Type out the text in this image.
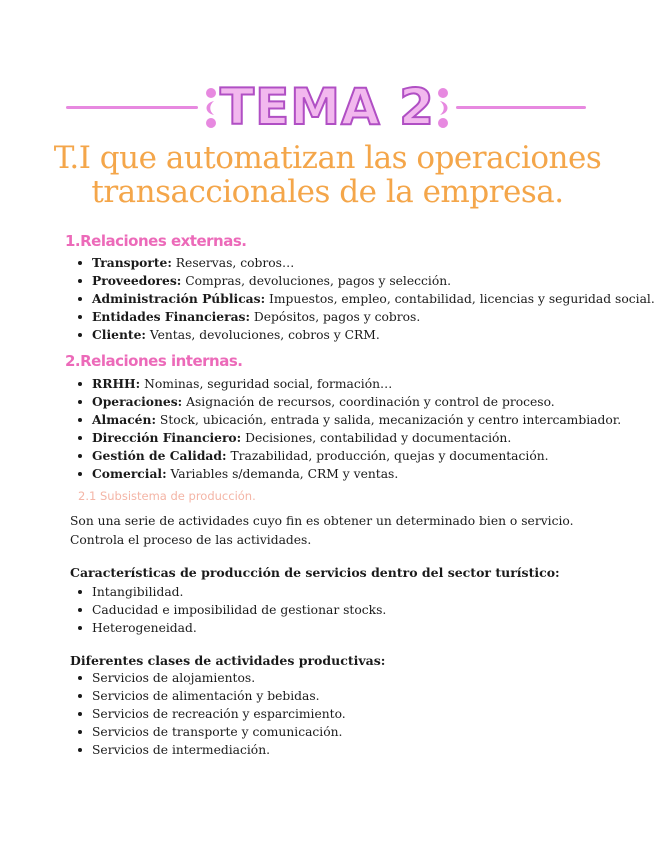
TEMA 2
T.I que automatizan las operaciones
transaccionales de la empresa.
1.Relaciones externas.
Transporte: Reservas, cobros…
Proveedores: Compras, devoluciones, pagos y selección.
Administración Públicas: Impuestos, empleo, contabilidad, licencias y seguridad social.
Entidades Financieras: Depósitos, pagos y cobros.
Cliente: Ventas, devoluciones, cobros y CRM.
2.Relaciones internas.
RRHH: Nominas, seguridad social, formación…
Operaciones: Asignación de recursos, coordinación y control de proceso.
Almacén: Stock, ubicación, entrada y salida, mecanización y centro intercambiador.
Dirección Financiero: Decisiones, contabilidad y documentación.
Gestión de Calidad: Trazabilidad, producción, quejas y documentación.
Comercial: Variables s/demanda, CRM y ventas.
2.1 Subsistema de producción.

Son una serie de actividades cuyo fin es obtener un determinado bien o servicio. Controla el proceso de las actividades.

Características de producción de servicios dentro del sector turístico:
Intangibilidad.
Caducidad e imposibilidad de gestionar stocks.
Heterogeneidad.
Diferentes clases de actividades productivas:
Servicios de alojamientos.
Servicios de alimentación y bebidas.
Servicios de recreación y esparcimiento.
Servicios de transporte y comunicación.
Servicios de intermediación.
